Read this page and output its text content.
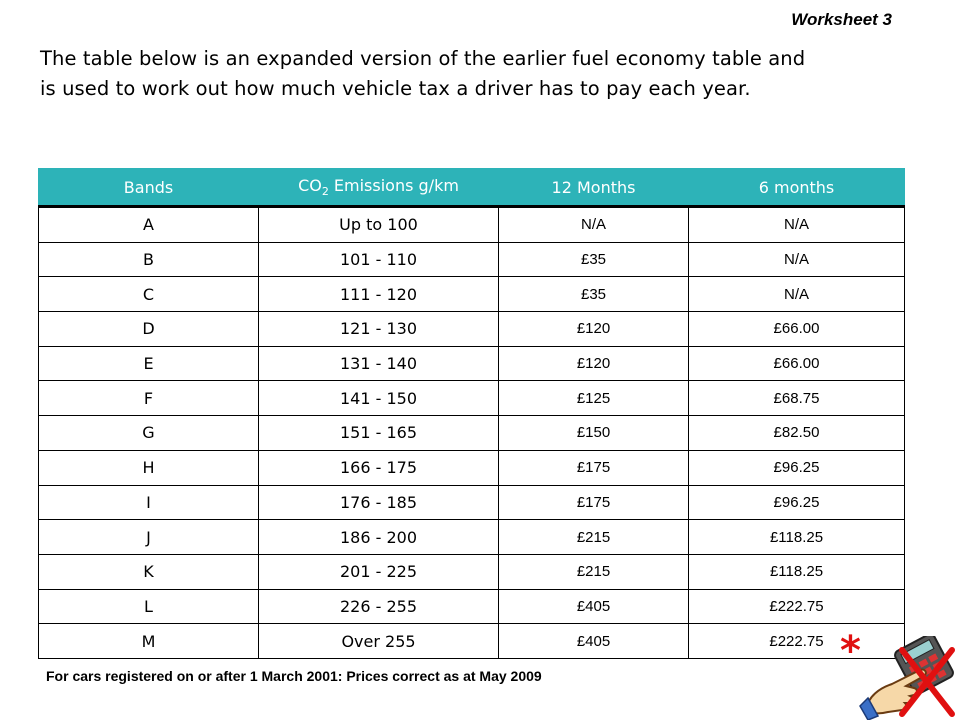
Worksheet 3
The table below is an expanded version of the earlier fuel economy table and
is used to work out how much vehicle tax a driver has to pay each year.
Bands	$CO_2$ Emissions g/km	12 Months	6 months
A	Up to 100	N/A	N/A
B	101 - 110	£35	N/A
C	111 - 120	£35	N/A
D	121 - 130	£120	£66.00
E	131 - 140	£120	£66.00
F	141 - 150	£125	£68.75
G	151 - 165	£150	£82.50
H	166 - 175	£175	£96.25
I	176 - 185	£175	£96.25
J	186 - 200	£215	£118.25
K	201 - 225	£215	£118.25
L	226 - 255	£405	£222.75
M	Over 255	£405	£222.75
For cars registered on or after 1 March 2001: Prices correct as at May 2009
*
